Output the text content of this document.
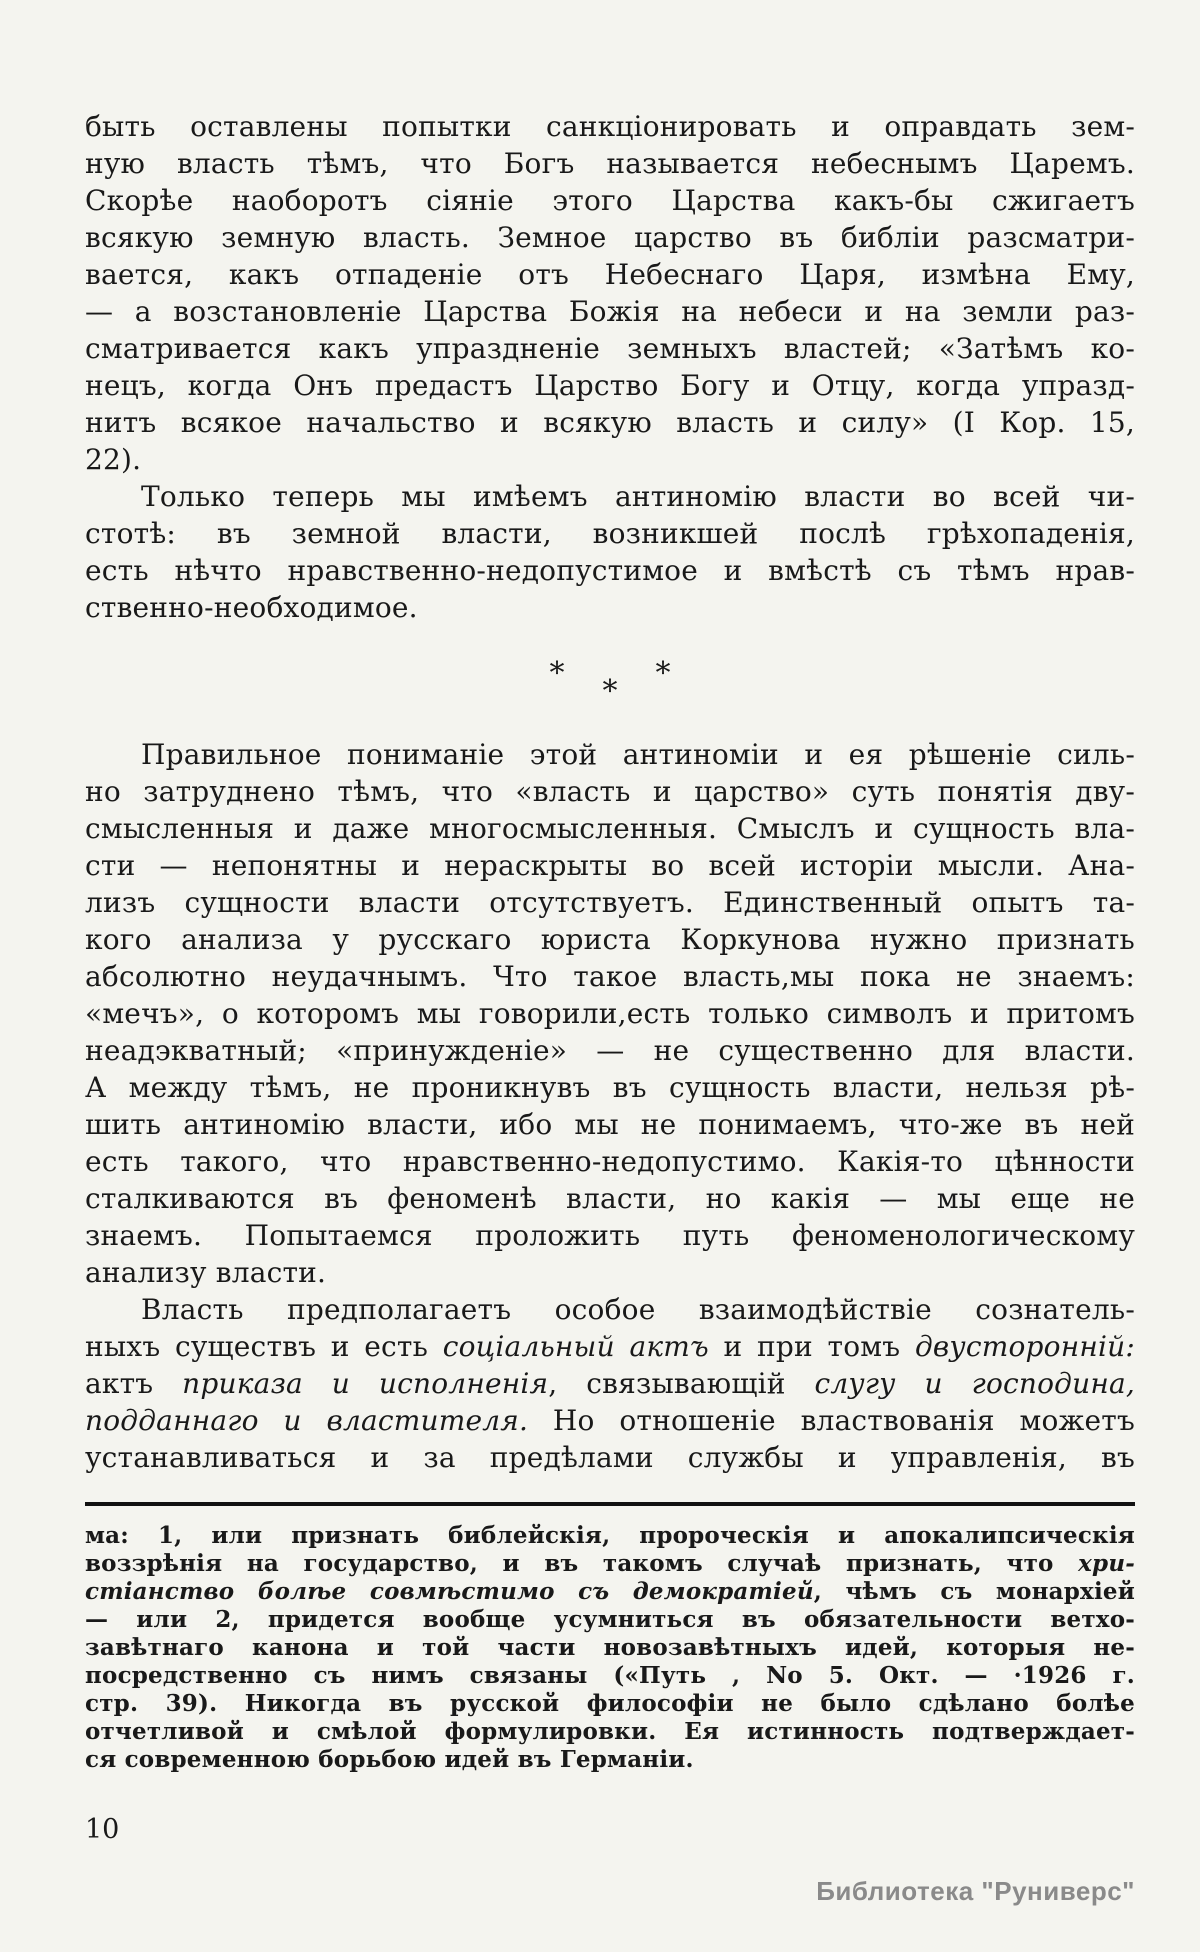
быть оставлены попытки санкціонировать и оправдать зем-
ную власть тѣмъ, что Богъ называется небеснымъ Царемъ.
Скорѣе наоборотъ сіяніе этого Царства какъ-бы сжигаетъ
всякую земную власть. Земное царство въ библіи разсматри-
вается, какъ отпаденіе отъ Небеснаго Царя, измѣна Ему,
— а возстановленіе Царства Божія на небеси и на земли раз-
сматривается какъ упраздненіе земныхъ властей; «Затѣмъ ко-
нецъ, когда Онъ предастъ Царство Богу и Отцу, когда упразд-
нитъ всякое начальство и всякую власть и силу» (I Кор. 15,
22).
Только теперь мы имѣемъ антиномію власти во всей чи-
стотѣ: въ земной власти, возникшей послѣ грѣхопаденія,
есть нѣчто нравственно-недопустимое и вмѣстѣ съ тѣмъ нрав-
ственно-необходимое.
***
Правильное пониманіе этой антиноміи и ея рѣшеніе силь-
но затруднено тѣмъ, что «власть и царство» суть понятія дву-
смысленныя и даже многосмысленныя. Смыслъ и сущность вла-
сти — непонятны и нераскрыты во всей исторіи мысли. Ана-
лизъ сущности власти отсутствуетъ. Единственный опытъ та-
кого анализа у русскаго юриста Коркунова нужно признать
абсолютно неудачнымъ. Что такое власть,мы пока не знаемъ:
«мечъ», о которомъ мы говорили,есть только символъ и притомъ
неадэкватный; «принужденіе» — не существенно для власти.
А между тѣмъ, не проникнувъ въ сущность власти, нельзя рѣ-
шить антиномію власти, ибо мы не понимаемъ, что-же въ ней
есть такого, что нравственно-недопустимо. Какія-то цѣнности
сталкиваются въ феноменѣ власти, но какія — мы еще не
знаемъ. Попытаемся проложить путь феноменологическому
анализу власти.
Власть предполагаетъ особое взаимодѣйствіе сознатель-
ныхъ существъ и есть соціальный актъ и при томъ двусторонній:
актъ приказа и исполненія, связывающій слугу и господина,
подданнаго и властителя. Но отношеніе властвованія можетъ
устанавливаться и за предѣлами службы и управленія, въ
ма: 1, или признать библейскія, пророческія и апокалипсическія
воззрѣнія на государство, и въ такомъ случаѣ признать, что хри-
стіанство болѣе совмѣстимо съ демократіей, чѣмъ съ монархіей
— или 2, придется вообще усумниться въ обязательности ветхо-
завѣтнаго канона и той части новозавѣтныхъ идей, которыя не-
посредственно съ нимъ связаны («Путь , No 5. Окт. — ·1926 г.
стр. 39). Никогда въ русской философіи не было сдѣлано болѣе
отчетливой и смѣлой формулировки. Ея истинность подтверждает-
ся современною борьбою идей въ Германіи.
10
Библиотека "Руниверс"
